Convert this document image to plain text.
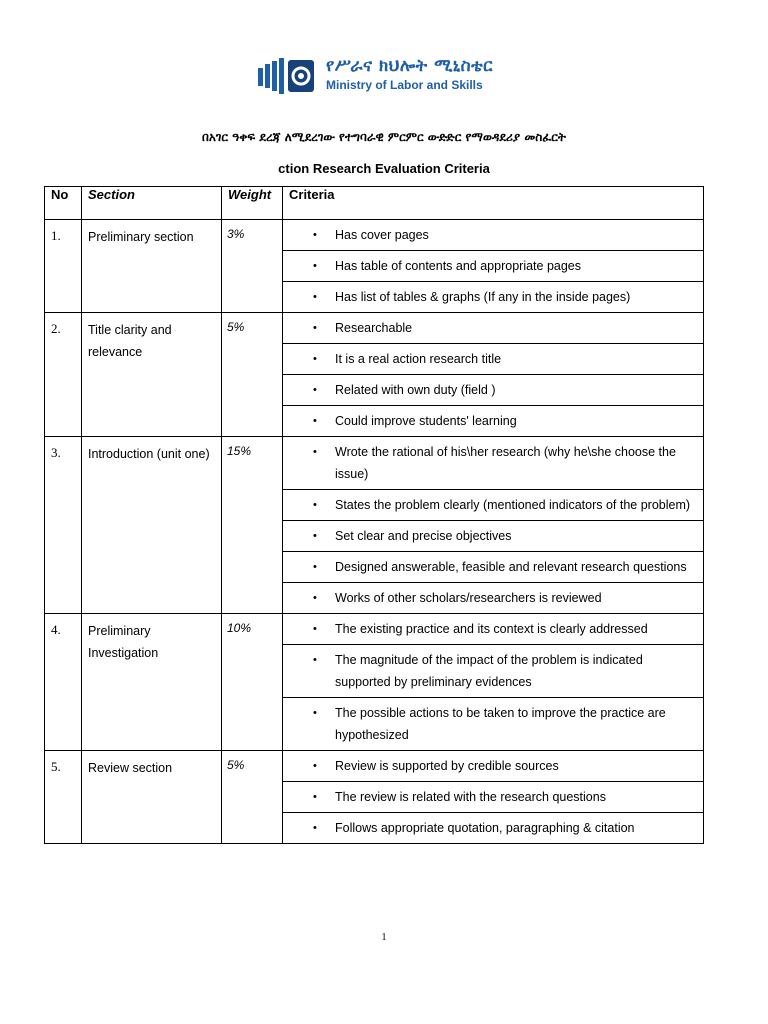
የሥራና ክህሎት ሚኒስቴር
Ministry of Labor and Skills
በአገር ዓቀፍ ደረጃ ለሚደረገው የተግባራዊ ምርምር ውድድር የማወዳደሪያ መስፈርት
ction Research Evaluation Criteria
No	Section	Weight	Criteria

1.	Preliminary section	3%	• Has cover pages

			• Has table of contents and appropriate pages

			• Has list of tables & graphs (If any in the inside pages)

2.	Title clarity and relevance	5%	• Researchable

			• It is a real action research title

			• Related with own duty (field )

			• Could improve students' learning

3.	Introduction (unit one)	15%	• Wrote the rational of his\her research (why he\she choose the issue)

			• States the problem clearly (mentioned indicators of the problem)

			• Set clear and precise objectives

			• Designed answerable, feasible and relevant research questions

			• Works of other scholars/researchers is reviewed

4.	Preliminary Investigation	10%	• The existing practice and its context is clearly addressed

			• The magnitude of the impact of the problem is indicated supported by preliminary evidences

			• The possible actions to be taken to improve the practice are hypothesized

5.	Review section	5%	• Review is supported by credible sources

			• The review is related with the research questions

			• Follows appropriate quotation, paragraphing & citation
1
